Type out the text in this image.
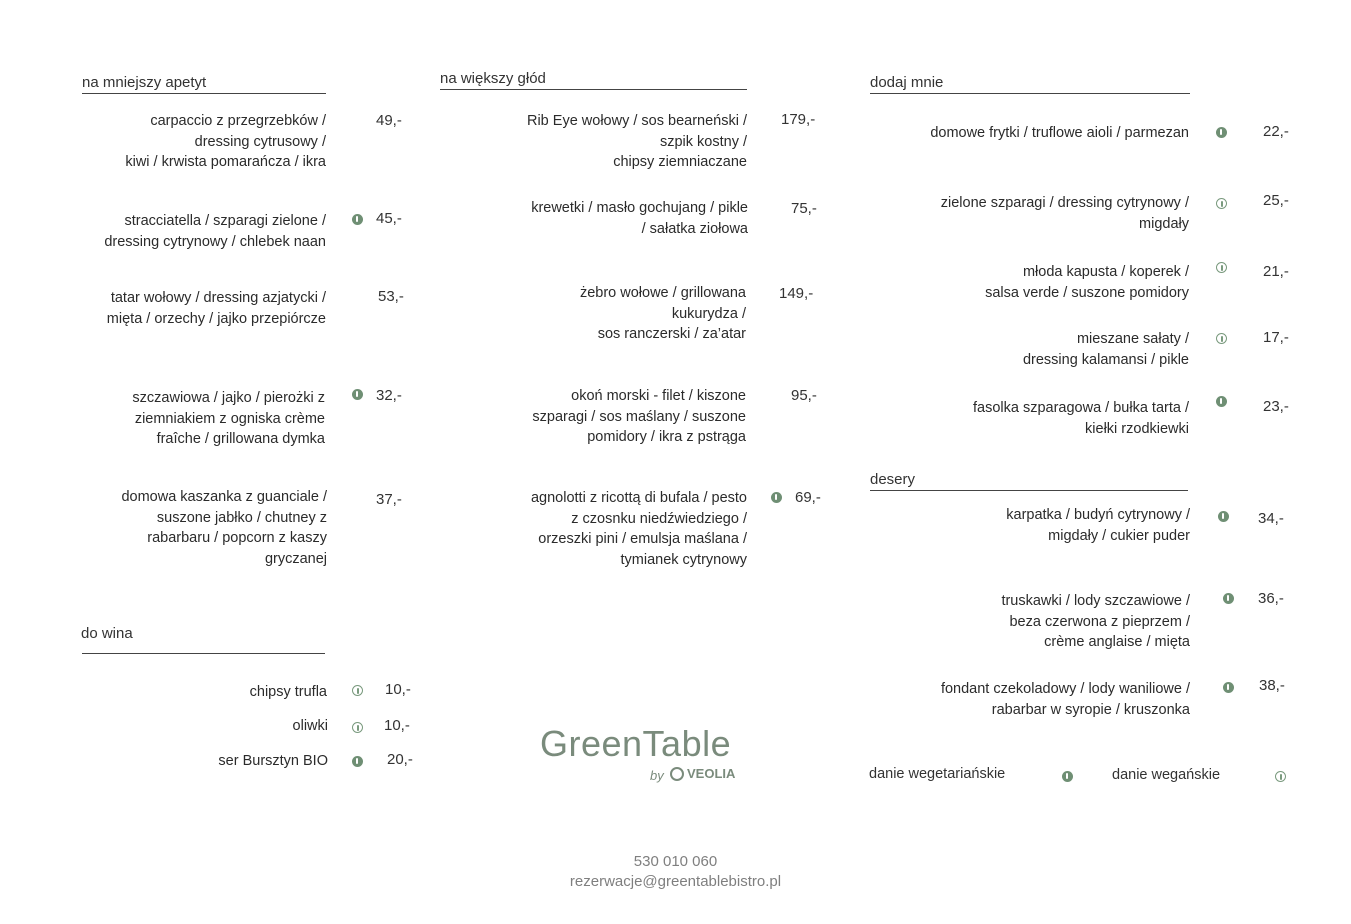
na mniejszy apetyt	na większy głód	dodaj mnie
desery
do wina
carpaccio z przegrzebków /
dressing cytrusowy /
kiwi / krwista pomarańcza / ikra
49,-
stracciatella / szparagi zielone /
dressing cytrynowy / chlebek naan
45,-
tatar wołowy / dressing azjatycki /
mięta / orzechy / jajko przepiórcze
53,-
szczawiowa / jajko / pierożki z
ziemniakiem z ogniska crème
fraîche / grillowana dymka
32,-
domowa kaszanka z guanciale /
suszone jabłko / chutney z
rabarbaru / popcorn z kaszy
gryczanej
37,-
chipsy trufla	10,-
oliwki	10,-
ser Bursztyn BIO	20,-
Rib Eye wołowy / sos bearneński /
szpik kostny /
chipsy ziemniaczane
179,-
krewetki / masło gochujang / pikle
/ sałatka ziołowa
75,-
żebro wołowe / grillowana
kukurydza /
sos ranczerski / za’atar
149,-
okoń morski - filet / kiszone
szparagi / sos maślany / suszone
pomidory / ikra z pstrąga
95,-
agnolotti z ricottą di bufala / pesto
z czosnku niedźwiedziego /
orzeszki pini / emulsja maślana /
tymianek cytrynowy
69,-
domowe frytki / truflowe aioli / parmezan	22,-
zielone szparagi / dressing cytrynowy /
migdały
25,-
młoda kapusta / koperek /
salsa verde / suszone pomidory
21,-
mieszane sałaty /
dressing kalamansi / pikle
17,-
fasolka szparagowa / bułka tarta /
kiełki rzodkiewki
23,-
karpatka / budyń cytrynowy /
migdały / cukier puder
34,-
truskawki / lody szczawiowe /
beza czerwona z pieprzem /
crème anglaise / mięta
36,-
fondant czekoladowy / lody waniliowe /
rabarbar w syropie / kruszonka
38,-
danie wegetariańskie	danie wegańskie
GreenTable
by VEOLIA
530 010 060
rezerwacje@greentablebistro.pl
